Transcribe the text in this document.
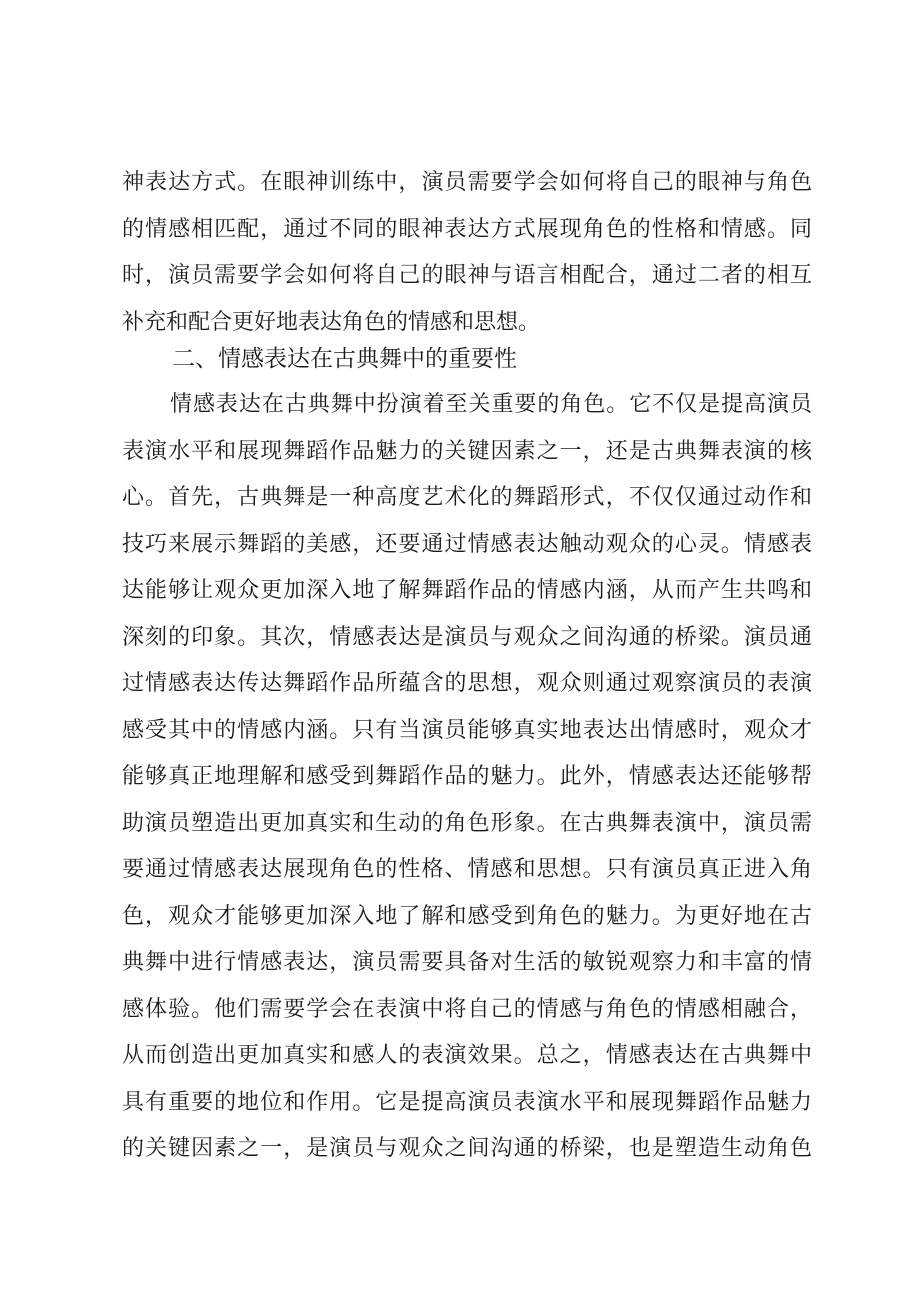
神表达方式。在眼神训练中，演员需要学会如何将自己的眼神与角色
的情感相匹配，通过不同的眼神表达方式展现角色的性格和情感。同
时，演员需要学会如何将自己的眼神与语言相配合，通过二者的相互
补充和配合更好地表达角色的情感和思想。
二、情感表达在古典舞中的重要性
情感表达在古典舞中扮演着至关重要的角色。它不仅是提高演员
表演水平和展现舞蹈作品魅力的关键因素之一，还是古典舞表演的核
心。首先，古典舞是一种高度艺术化的舞蹈形式，不仅仅通过动作和
技巧来展示舞蹈的美感，还要通过情感表达触动观众的心灵。情感表
达能够让观众更加深入地了解舞蹈作品的情感内涵，从而产生共鸣和
深刻的印象。其次，情感表达是演员与观众之间沟通的桥梁。演员通
过情感表达传达舞蹈作品所蕴含的思想，观众则通过观察演员的表演
感受其中的情感内涵。只有当演员能够真实地表达出情感时，观众才
能够真正地理解和感受到舞蹈作品的魅力。此外，情感表达还能够帮
助演员塑造出更加真实和生动的角色形象。在古典舞表演中，演员需
要通过情感表达展现角色的性格、情感和思想。只有演员真正进入角
色，观众才能够更加深入地了解和感受到角色的魅力。为更好地在古
典舞中进行情感表达，演员需要具备对生活的敏锐观察力和丰富的情
感体验。他们需要学会在表演中将自己的情感与角色的情感相融合，
从而创造出更加真实和感人的表演效果。总之，情感表达在古典舞中
具有重要的地位和作用。它是提高演员表演水平和展现舞蹈作品魅力
的关键因素之一，是演员与观众之间沟通的桥梁，也是塑造生动角色
